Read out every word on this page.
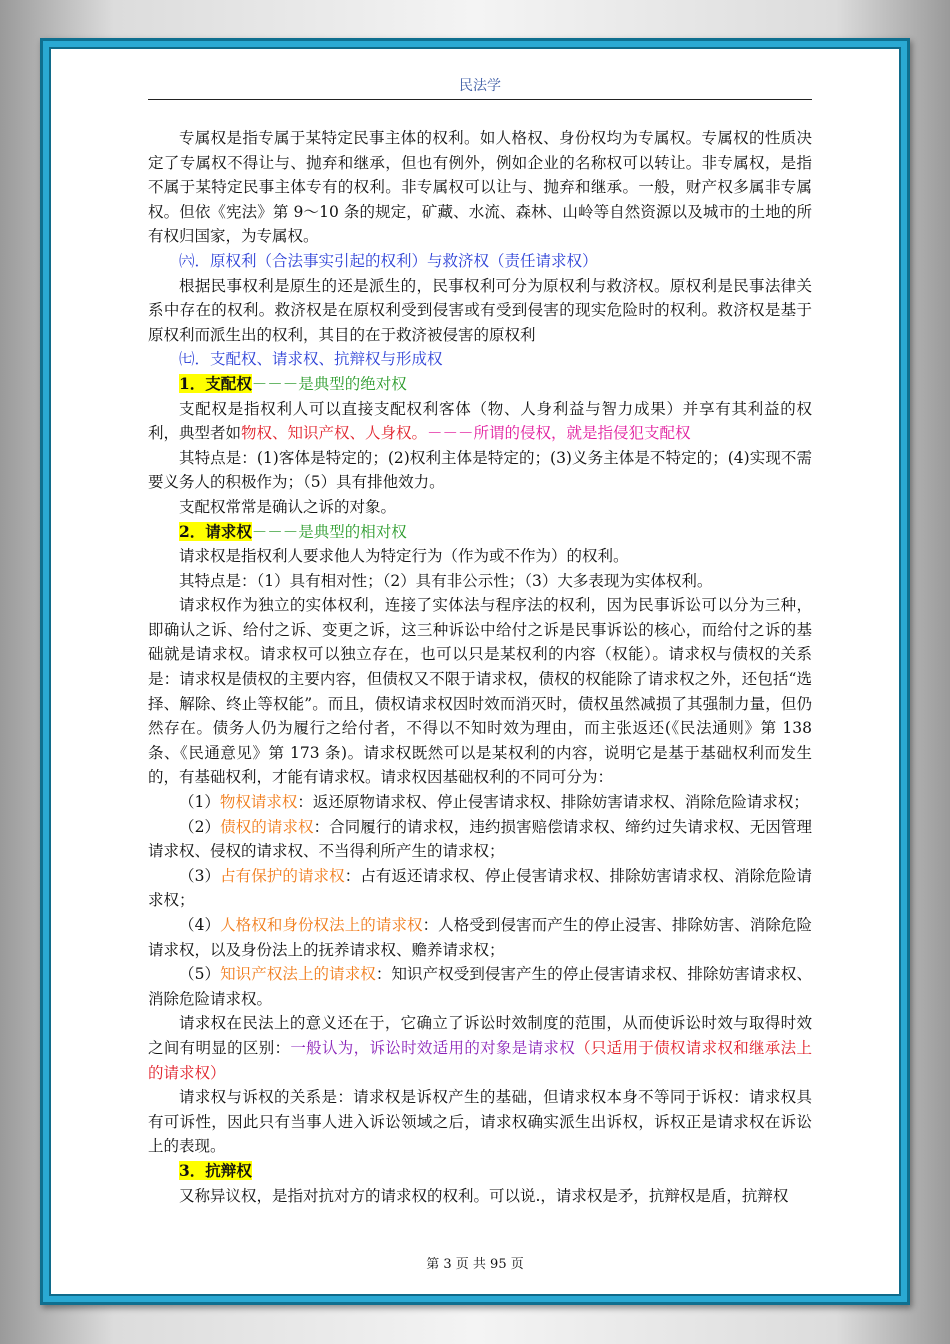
民法学

专属权是指专属于某特定民事主体的权利。如人格权、身份权均为专属权。专属权的性质决定了专属权不得让与、抛弃和继承，但也有例外，例如企业的名称权可以转让。非专属权，是指不属于某特定民事主体专有的权利。非专属权可以让与、抛弃和继承。一般，财产权多属非专属权。但依《宪法》第 9～10 条的规定，矿藏、水流、森林、山岭等自然资源以及城市的土地的所有权归国家，为专属权。

㈥．原权利（合法事实引起的权利）与救济权（责任请求权）

根据民事权利是原生的还是派生的，民事权利可分为原权利与救济权。原权利是民事法律关系中存在的权利。救济权是在原权利受到侵害或有受到侵害的现实危险时的权利。救济权是基于原权利而派生出的权利，其目的在于救济被侵害的原权利

㈦．支配权、请求权、抗辩权与形成权

1．支配权－－－是典型的绝对权

支配权是指权利人可以直接支配权利客体（物、人身利益与智力成果）并享有其利益的权利，典型者如物权、知识产权、人身权。－－－所谓的侵权，就是指侵犯支配权

其特点是：(1)客体是特定的；(2)权利主体是特定的；(3)义务主体是不特定的；(4)实现不需要义务人的积极作为；（5）具有排他效力。

支配权常常是确认之诉的对象。

2．请求权－－－是典型的相对权

请求权是指权利人要求他人为特定行为（作为或不作为）的权利。

其特点是：（1）具有相对性；（2）具有非公示性；（3）大多表现为实体权利。

请求权作为独立的实体权利，连接了实体法与程序法的权利，因为民事诉讼可以分为三种，即确认之诉、给付之诉、变更之诉，这三种诉讼中给付之诉是民事诉讼的核心，而给付之诉的基础就是请求权。请求权可以独立存在，也可以只是某权利的内容（权能）。请求权与债权的关系是：请求权是债权的主要内容，但债权又不限于请求权，债权的权能除了请求权之外，还包括“选择、解除、终止等权能”。而且，债权请求权因时效而消灭时，债权虽然减损了其强制力量，但仍然存在。债务人仍为履行之给付者，不得以不知时效为理由，而主张返还(《民法通则》第 138 条、《民通意见》第 173 条)。请求权既然可以是某权利的内容，说明它是基于基础权利而发生的，有基础权利，才能有请求权。请求权因基础权利的不同可分为：

（1）物权请求权：返还原物请求权、停止侵害请求权、排除妨害请求权、消除危险请求权；

（2）债权的请求权：合同履行的请求权，违约损害赔偿请求权、缔约过失请求权、无因管理请求权、侵权的请求权、不当得利所产生的请求权；

（3）占有保护的请求权：占有返还请求权、停止侵害请求权、排除妨害请求权、消除危险请求权；

（4）人格权和身份权法上的请求权：人格受到侵害而产生的停止浸害、排除妨害、消除危险请求权，以及身份法上的抚养请求权、赡养请求权；

（5）知识产权法上的请求权：知识产权受到侵害产生的停止侵害请求权、排除妨害请求权、消除危险请求权。

请求权在民法上的意义还在于，它确立了诉讼时效制度的范围，从而使诉讼时效与取得时效之间有明显的区别：一般认为，诉讼时效适用的对象是请求权（只适用于债权请求权和继承法上的请求权）

请求权与诉权的关系是：请求权是诉权产生的基础，但请求权本身不等同于诉权：请求权具有可诉性，因此只有当事人进入诉讼领域之后，请求权确实派生出诉权，诉权正是请求权在诉讼上的表现。

3．抗辩权

又称异议权，是指对抗对方的请求权的权利。可以说.，请求权是矛，抗辩权是盾，抗辩权

第 3 页 共 95 页
